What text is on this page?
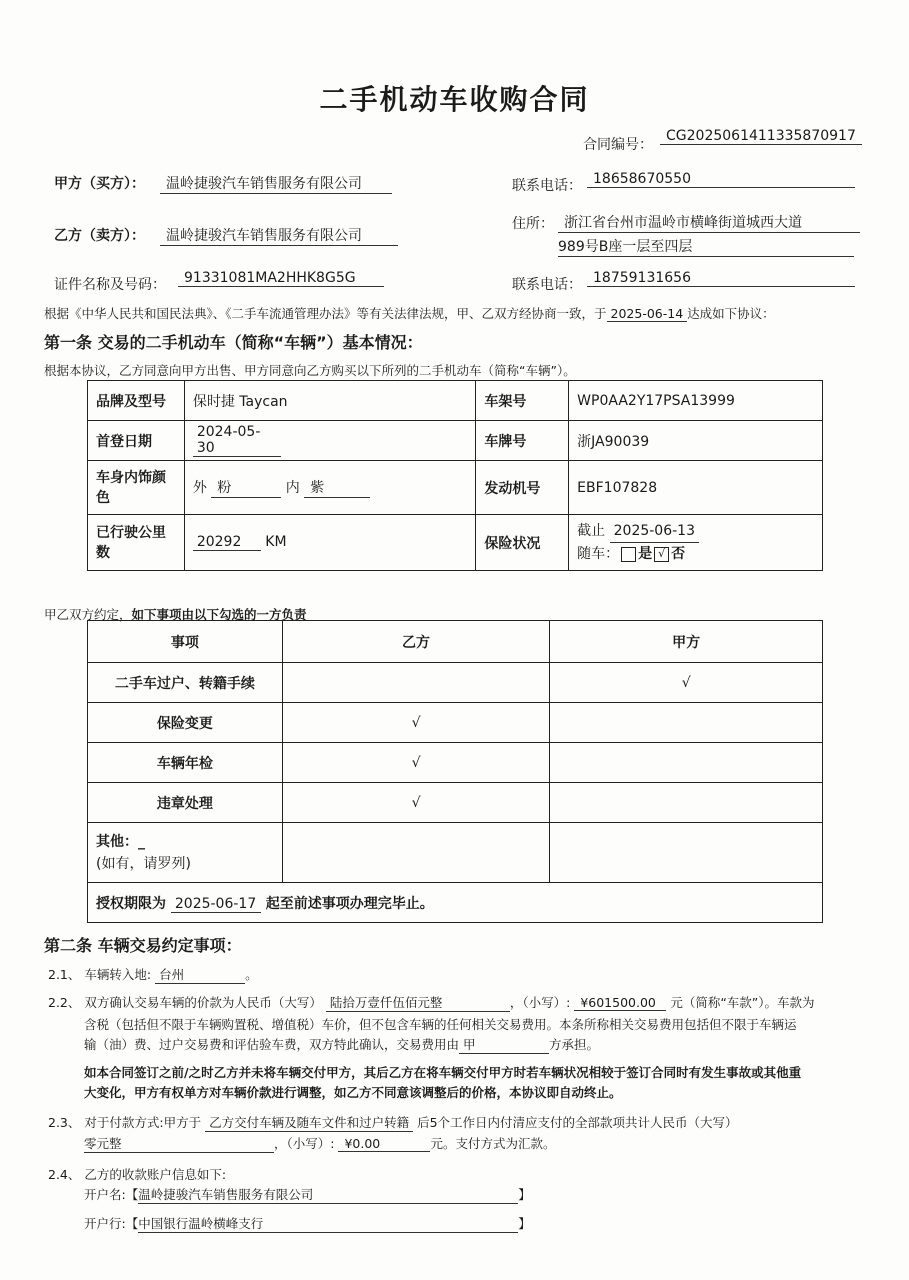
二手机动车收购合同
合同编号：
CG2025061411335870917
甲方（买方）：	温岭捷骏汽车销售服务有限公司	联系电话： 18658670550
乙方（卖方）：	温岭捷骏汽车销售服务有限公司
住所： 浙江省台州市温岭市横峰街道城西大道
989号B座一层至四层
证件名称及号码：	91331081MA2HHK8G5G	联系电话： 18759131656
根据《中华人民共和国民法典》、《二手车流通管理办法》等有关法律法规，甲、乙双方经协商一致，于 2025-06-14 达成如下协议：
第一条 交易的二手机动车（简称“车辆”）基本情况：
根据本协议，乙方同意向甲方出售、甲方同意向乙方购买以下所列的二手机动车（简称“车辆”）。
品牌及型号	保时捷 Taycan	车架号	WP0AA2Y17PSA13999
首登日期	2024-05-30	车牌号	浙JA90039
车身内饰颜色	外 粉 内 紫	发动机号	EBF107828
已行驶公里数	20292 KM	保险状况	截止 2025-06-13
随车： 是 √ 否
甲乙双方约定，如下事项由以下勾选的一方负责
事项	乙方	甲方
二手车过户、转籍手续		√
保险变更	√	
车辆年检	√	
违章处理	√	
其他：_
(如有，请罗列)		
授权期限为 2025-06-17 起至前述事项办理完毕止。		
第二条 车辆交易约定事项：
2.1、 车辆转入地: 台州	。
2.2、 双方确认交易车辆的价款为人民币（大写） 陆拾万壹仟伍佰元整	，（小写）: ¥601500.00 元（简称“车款”）。车款为
含税（包括但不限于车辆购置税、增值税）车价，但不包含车辆的任何相关交易费用。本条所称相关交易费用包括但不限于车辆运
输（油）费、过户交易费和评估验车费，双方特此确认，交易费用由 甲	方承担。
如本合同签订之前/之时乙方并未将车辆交付甲方，其后乙方在将车辆交付甲方时若车辆状况相较于签订合同时有发生事故或其他重
大变化，甲方有权单方对车辆价款进行调整，如乙方不同意该调整后的价格，本协议即自动终止。
2.3、 对于付款方式:甲方于 乙方交付车辆及随车文件和过户转籍 后5个工作日内付清应支付的全部款项共计人民币（大写）
零元整	，（小写）: ¥0.00	元。支付方式为汇款。
2.4、 乙方的收款账户信息如下:
开户名:【温岭捷骏汽车销售服务有限公司	】
开户行:【中国银行温岭横峰支行	】
